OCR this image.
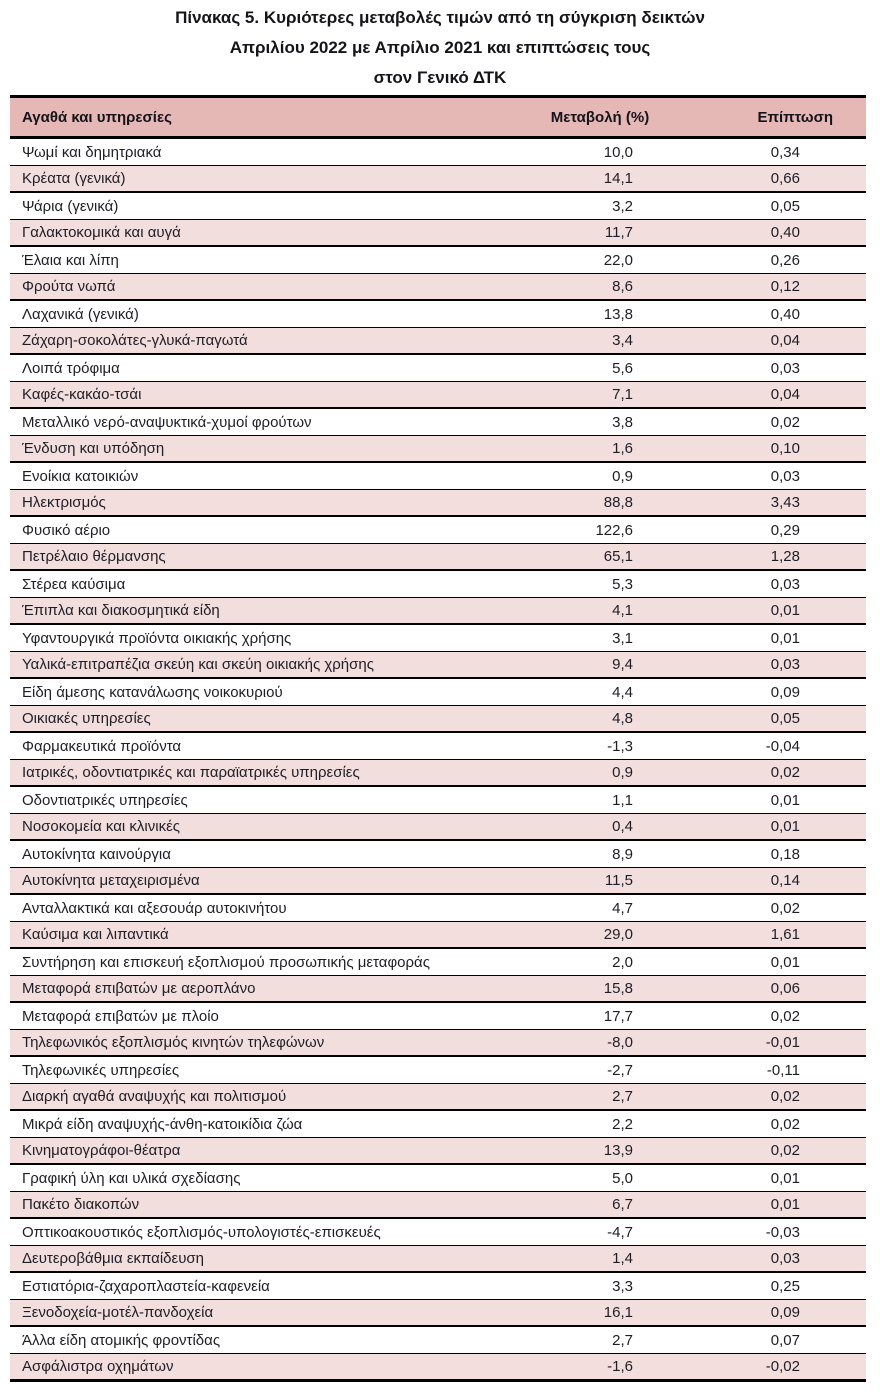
Πίνακας 5. Κυριότερες μεταβολές τιμών από τη σύγκριση δεικτών
Απριλίου 2022 με Απρίλιο 2021 και επιπτώσεις τους
στον Γενικό ΔΤΚ
Αγαθά και υπηρεσίες	Μεταβολή (%)	Επίπτωση
Ψωμί και δημητριακά	10,0	0,34
Κρέατα (γενικά)	14,1	0,66
Ψάρια (γενικά)	3,2	0,05
Γαλακτοκομικά και αυγά	11,7	0,40
Έλαια και λίπη	22,0	0,26
Φρούτα νωπά	8,6	0,12
Λαχανικά (γενικά)	13,8	0,40
Ζάχαρη-σοκολάτες-γλυκά-παγωτά	3,4	0,04
Λοιπά τρόφιμα	5,6	0,03
Καφές-κακάο-τσάι	7,1	0,04
Μεταλλικό νερό-αναψυκτικά-χυμοί φρούτων	3,8	0,02
Ένδυση και υπόδηση	1,6	0,10
Ενοίκια κατοικιών	0,9	0,03
Ηλεκτρισμός	88,8	3,43
Φυσικό αέριο	122,6	0,29
Πετρέλαιο θέρμανσης	65,1	1,28
Στέρεα καύσιμα	5,3	0,03
Έπιπλα και διακοσμητικά είδη	4,1	0,01
Υφαντουργικά προϊόντα οικιακής χρήσης	3,1	0,01
Υαλικά-επιτραπέζια σκεύη και σκεύη οικιακής χρήσης	9,4	0,03
Είδη άμεσης κατανάλωσης νοικοκυριού	4,4	0,09
Οικιακές υπηρεσίες	4,8	0,05
Φαρμακευτικά προϊόντα	-1,3	-0,04
Ιατρικές, οδοντιατρικές και παραϊατρικές υπηρεσίες	0,9	0,02
Οδοντιατρικές υπηρεσίες	1,1	0,01
Νοσοκομεία και κλινικές	0,4	0,01
Αυτοκίνητα καινούργια	8,9	0,18
Αυτοκίνητα μεταχειρισμένα	11,5	0,14
Ανταλλακτικά και αξεσουάρ αυτοκινήτου	4,7	0,02
Καύσιμα και λιπαντικά	29,0	1,61
Συντήρηση και επισκευή εξοπλισμού προσωπικής μεταφοράς	2,0	0,01
Μεταφορά επιβατών με αεροπλάνο	15,8	0,06
Μεταφορά επιβατών με πλοίο	17,7	0,02
Τηλεφωνικός εξοπλισμός κινητών τηλεφώνων	-8,0	-0,01
Τηλεφωνικές υπηρεσίες	-2,7	-0,11
Διαρκή αγαθά αναψυχής και πολιτισμού	2,7	0,02
Μικρά είδη αναψυχής-άνθη-κατοικίδια ζώα	2,2	0,02
Κινηματογράφοι-θέατρα	13,9	0,02
Γραφική ύλη και υλικά σχεδίασης	5,0	0,01
Πακέτο διακοπών	6,7	0,01
Οπτικοακουστικός εξοπλισμός-υπολογιστές-επισκευές	-4,7	-0,03
Δευτεροβάθμια εκπαίδευση	1,4	0,03
Εστιατόρια-ζαχαροπλαστεία-καφενεία	3,3	0,25
Ξενοδοχεία-μοτέλ-πανδοχεία	16,1	0,09
Άλλα είδη ατομικής φροντίδας	2,7	0,07
Ασφάλιστρα οχημάτων	-1,6	-0,02
